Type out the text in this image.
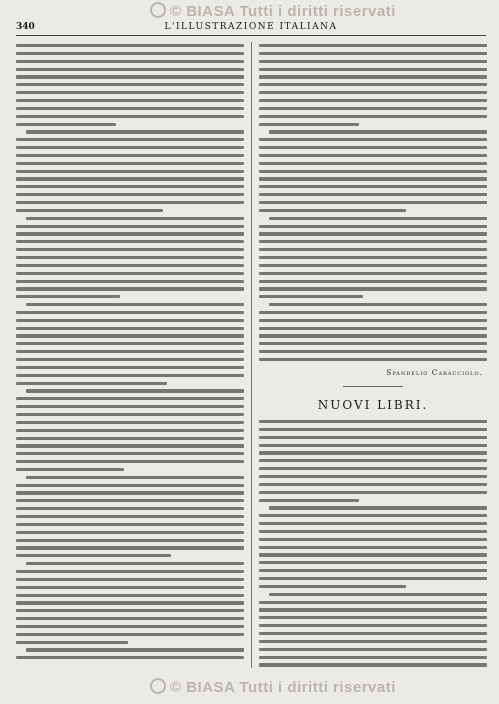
© BIASA Tutti i diritti riservati
340	L'ILLUSTRAZIONE ITALIANA
Spandelio Caracciolo.
NUOVI LIBRI.
© BIASA Tutti i diritti riservati
